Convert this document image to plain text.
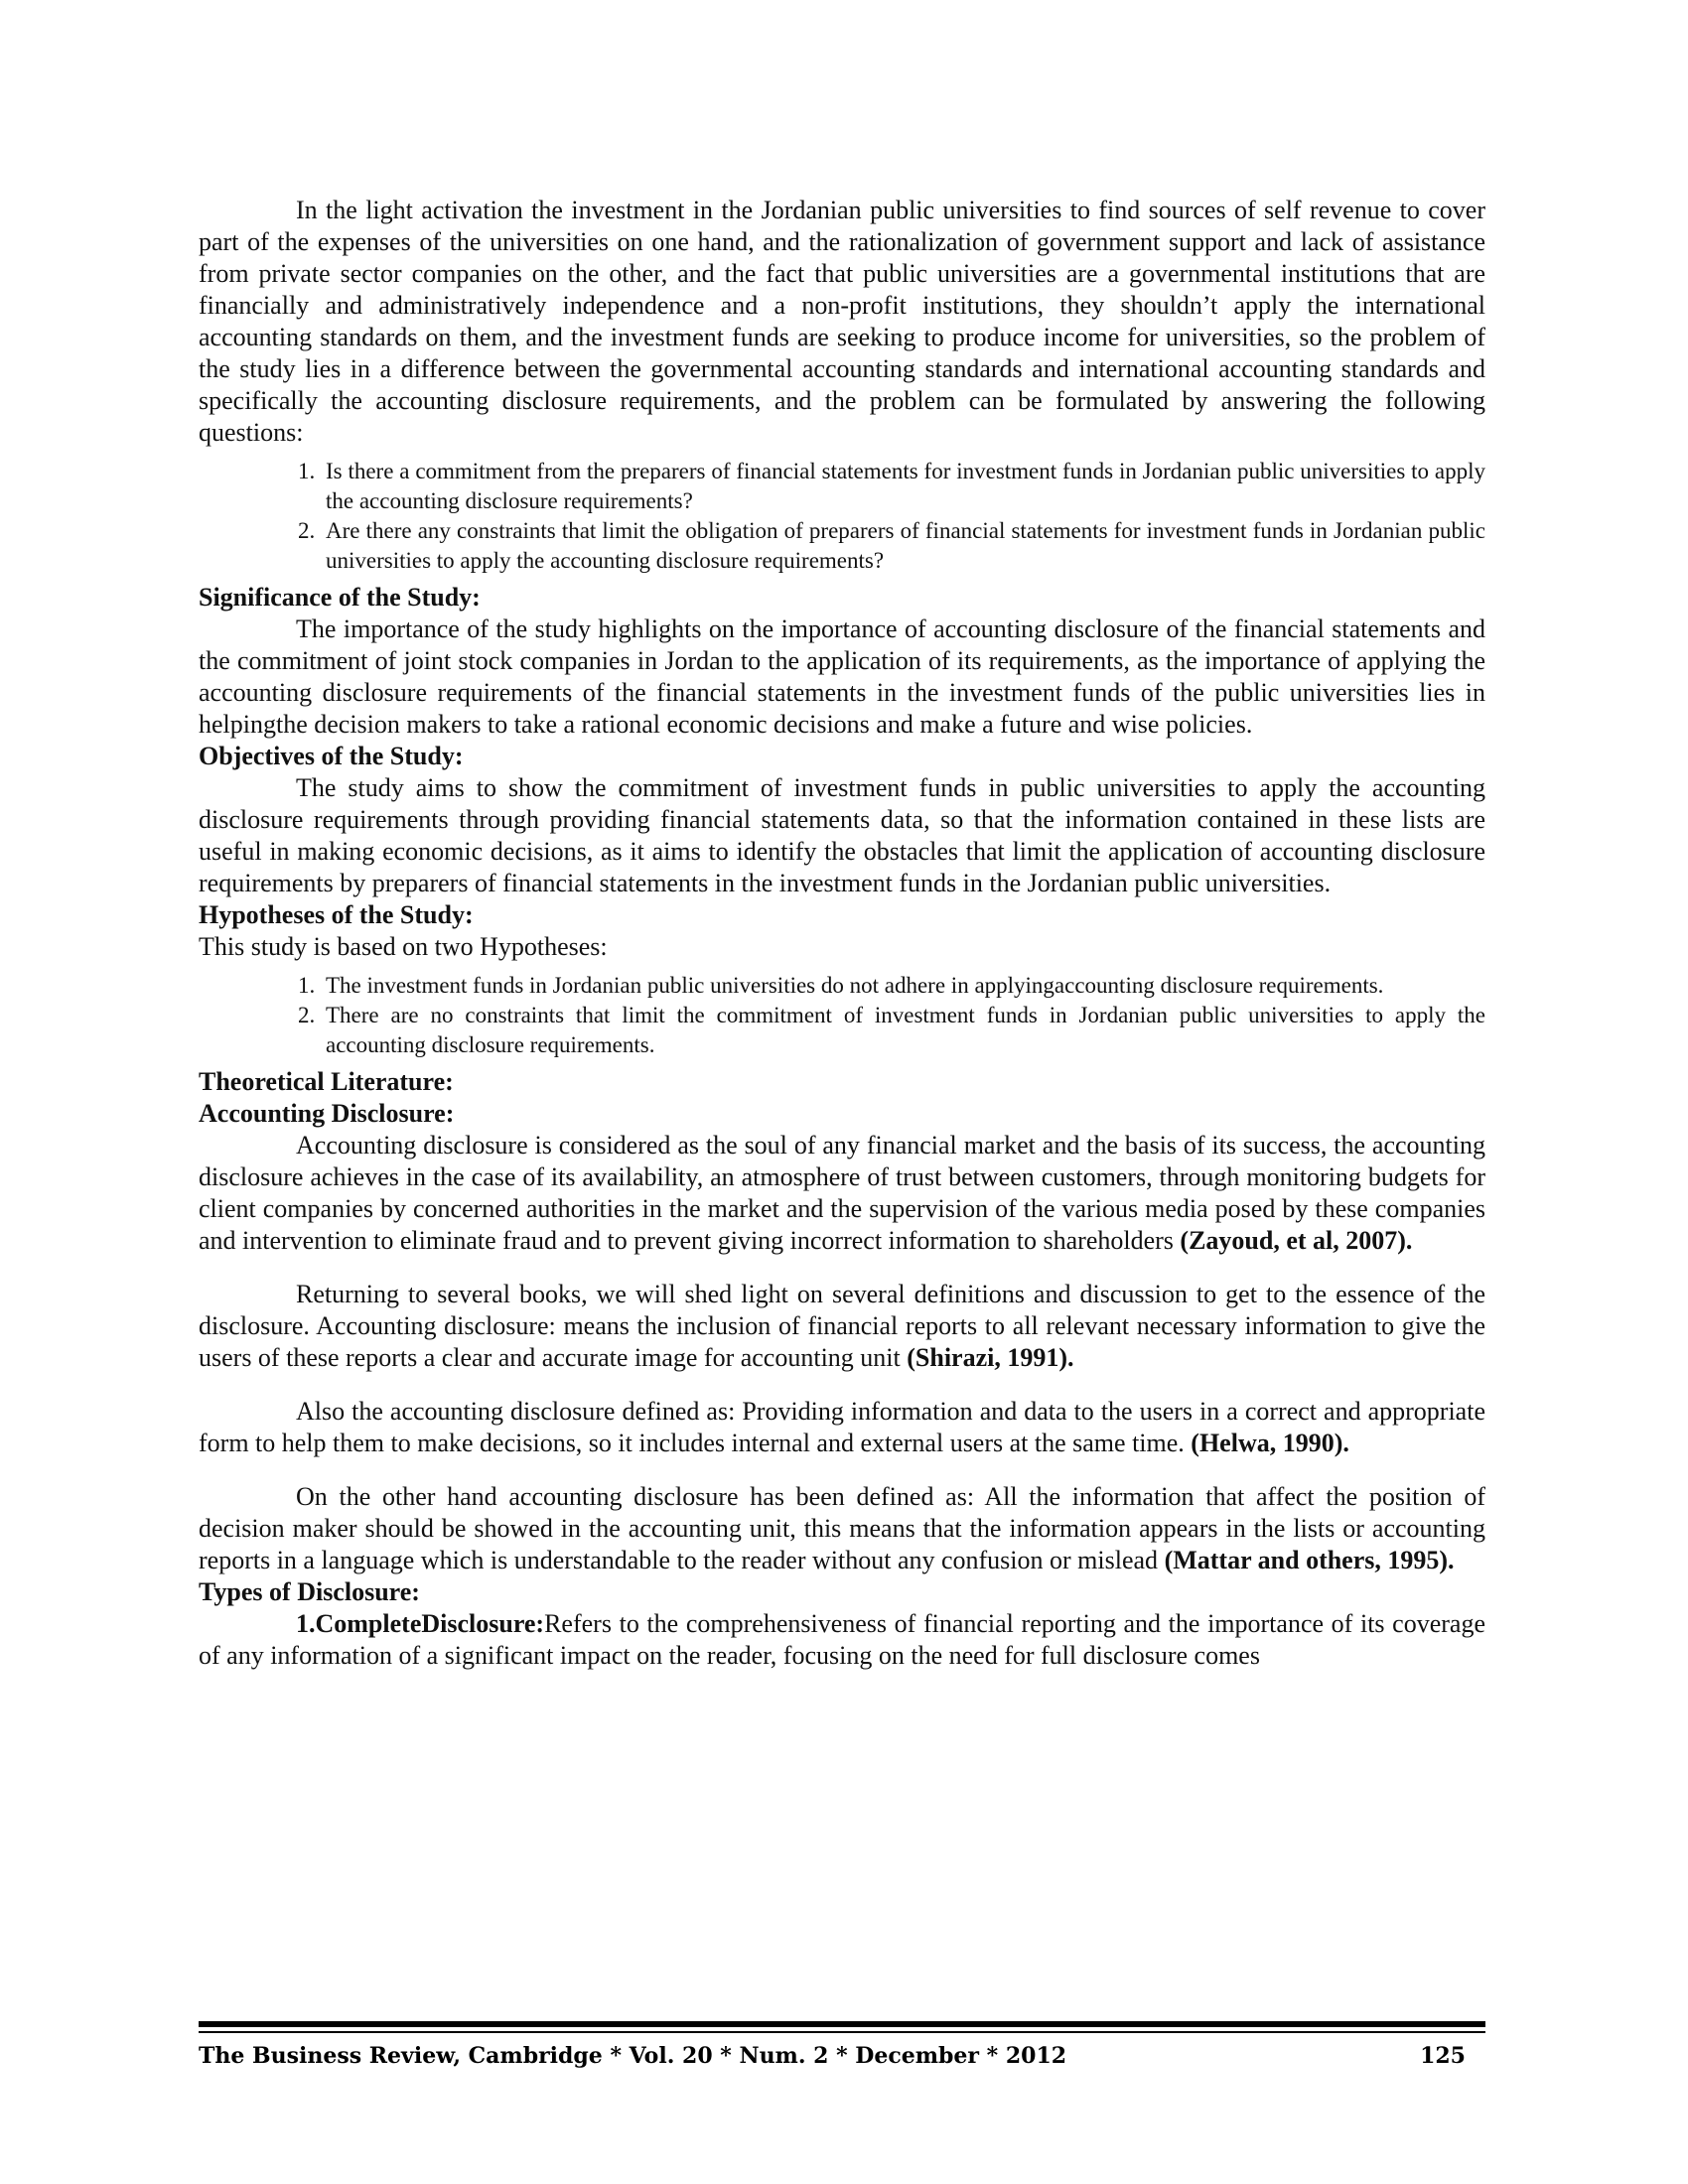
In the light activation the investment in the Jordanian public universities to find sources of self revenue to cover part of the expenses of the universities on one hand, and the rationalization of government support and lack of assistance from private sector companies on the other, and the fact that public universities are a governmental institutions that are financially and administratively independence and a non-profit institutions, they shouldn’t apply the international accounting standards on them, and the investment funds are seeking to produce income for universities, so the problem of the study lies in a difference between the governmental accounting standards and international accounting standards and specifically the accounting disclosure requirements, and the problem can be formulated by answering the following questions:

1. Is there a commitment from the preparers of financial statements for investment funds in Jordanian public universities to apply the accounting disclosure requirements?
2. Are there any constraints that limit the obligation of preparers of financial statements for investment funds in Jordanian public universities to apply the accounting disclosure requirements?

Significance of the Study:

The importance of the study highlights on the importance of accounting disclosure of the financial statements and the commitment of joint stock companies in Jordan to the application of its requirements, as the importance of applying the accounting disclosure requirements of the financial statements in the investment funds of the public universities lies in helpingthe decision makers to take a rational economic decisions and make a future and wise policies.

Objectives of the Study:

The study aims to show the commitment of investment funds in public universities to apply the accounting disclosure requirements through providing financial statements data, so that the information contained in these lists are useful in making economic decisions, as it aims to identify the obstacles that limit the application of accounting disclosure requirements by preparers of financial statements in the investment funds in the Jordanian public universities.

Hypotheses of the Study:

This study is based on two Hypotheses:

1. The investment funds in Jordanian public universities do not adhere in applyingaccounting disclosure requirements.
2. There are no constraints that limit the commitment of investment funds in Jordanian public universities to apply the accounting disclosure requirements.

Theoretical Literature:

Accounting Disclosure:

Accounting disclosure is considered as the soul of any financial market and the basis of its success, the accounting disclosure achieves in the case of its availability, an atmosphere of trust between customers, through monitoring budgets for client companies by concerned authorities in the market and the supervision of the various media posed by these companies and intervention to eliminate fraud and to prevent giving incorrect information to shareholders (Zayoud, et al, 2007).

Returning to several books, we will shed light on several definitions and discussion to get to the essence of the disclosure. Accounting disclosure: means the inclusion of financial reports to all relevant necessary information to give the users of these reports a clear and accurate image for accounting unit (Shirazi, 1991).

Also the accounting disclosure defined as: Providing information and data to the users in a correct and appropriate form to help them to make decisions, so it includes internal and external users at the same time. (Helwa, 1990).

On the other hand accounting disclosure has been defined as: All the information that affect the position of decision maker should be showed in the accounting unit, this means that the information appears in the lists or accounting reports in a language which is understandable to the reader without any confusion or mislead (Mattar and others, 1995).

Types of Disclosure:

1.CompleteDisclosure:Refers to the comprehensiveness of financial reporting and the importance of its coverage of any information of a significant impact on the reader, focusing on the need for full disclosure comes

The Business Review, Cambridge * Vol. 20 * Num. 2 * December * 2012	125
